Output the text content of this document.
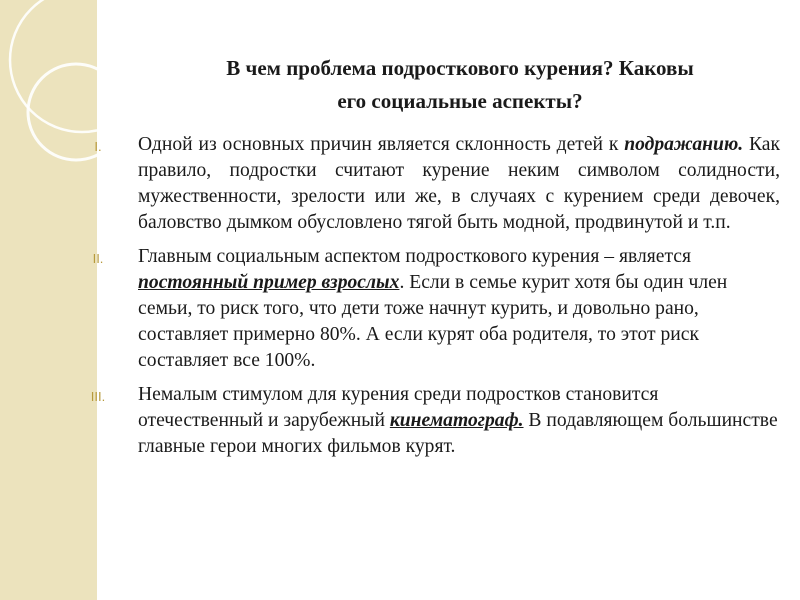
В чем проблема подросткового курения? Каковы
его социальные аспекты?
I.	Одной из основных причин является склонность детей к подражанию. Как правило, подростки считают курение неким символом солидности, мужественности, зрелости или же, в случаях с курением среди девочек, баловство дымком обусловлено тягой быть модной, продвинутой и т.п.
II.	Главным социальным аспектом подросткового курения – является постоянный пример взрослых. Если в семье курит хотя бы один член семьи, то риск того, что дети тоже начнут курить, и довольно рано, составляет примерно 80%. А если курят оба родителя, то этот риск составляет все 100%.
III.	Немалым стимулом для курения среди подростков становится отечественный и зарубежный кинематограф. В подавляющем большинстве главные герои многих фильмов курят.
